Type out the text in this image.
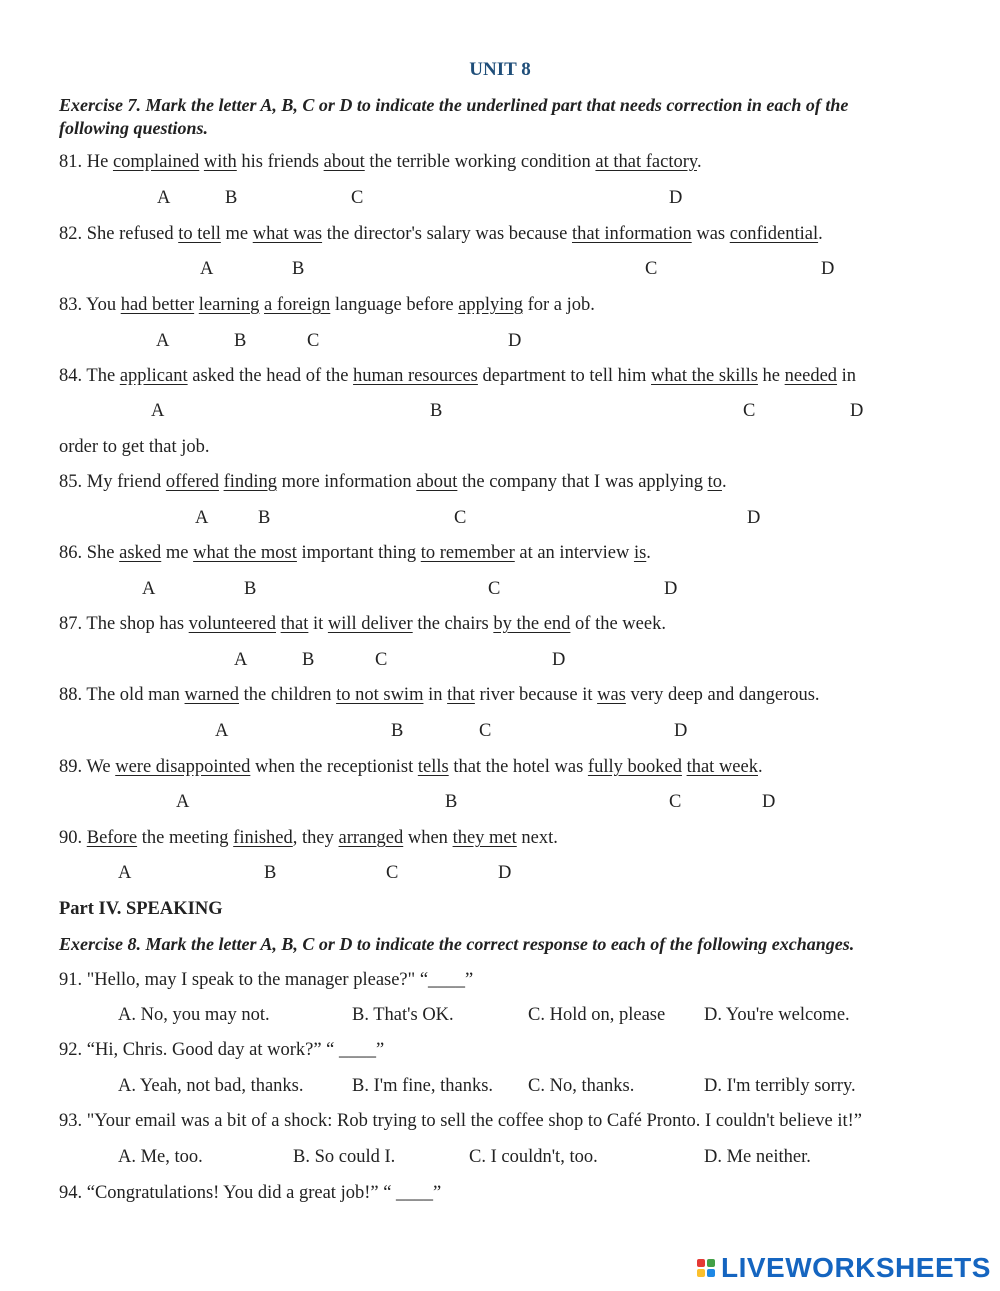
UNIT 8
Exercise 7. Mark the letter A, B, C or D to indicate the underlined part that needs correction in each of the
following questions.
81. He complained with his friends about the terrible working condition at that factory.
A	B	C	D
82. She refused to tell me what was the director's salary was because that information was confidential.
A	B	C	D
83. You had better learning a foreign language before applying for a job.
A	B	C	D
84. The applicant asked the head of the human resources department to tell him what the skills he needed in
A	B	C	D
order to get that job.
85. My friend offered finding more information about the company that I was applying to.
A	B	C	D
86. She asked me what the most important thing to remember at an interview is.
A	B	C	D
87. The shop has volunteered that it will deliver the chairs by the end of the week.
A	B	C	D
88. The old man warned the children to not swim in that river because it was very deep and dangerous.
A	B	C	D
89. We were disappointed when the receptionist tells that the hotel was fully booked that week.
A	B	C	D
90. Before the meeting finished, they arranged when they met next.
A	B	C	D
Part IV. SPEAKING
Exercise 8. Mark the letter A, B, C or D to indicate the correct response to each of the following exchanges.
91. "Hello, may I speak to the manager please?" “____”
A. No, you may not.	B. That's OK.	C. Hold on, please D. You're welcome.
92. “Hi, Chris. Good day at work?” “ ____”
A. Yeah, not bad, thanks.	B. I'm fine, thanks. C. No, thanks.	D. I'm terribly sorry.
93. "Your email was a bit of a shock: Rob trying to sell the coffee shop to Café Pronto. I couldn't believe it!”
A. Me, too.	B. So could I.	C. I couldn't, too.	D. Me neither.
94. “Congratulations! You did a great job!” “ ____”
LIVEWORKSHEETS
